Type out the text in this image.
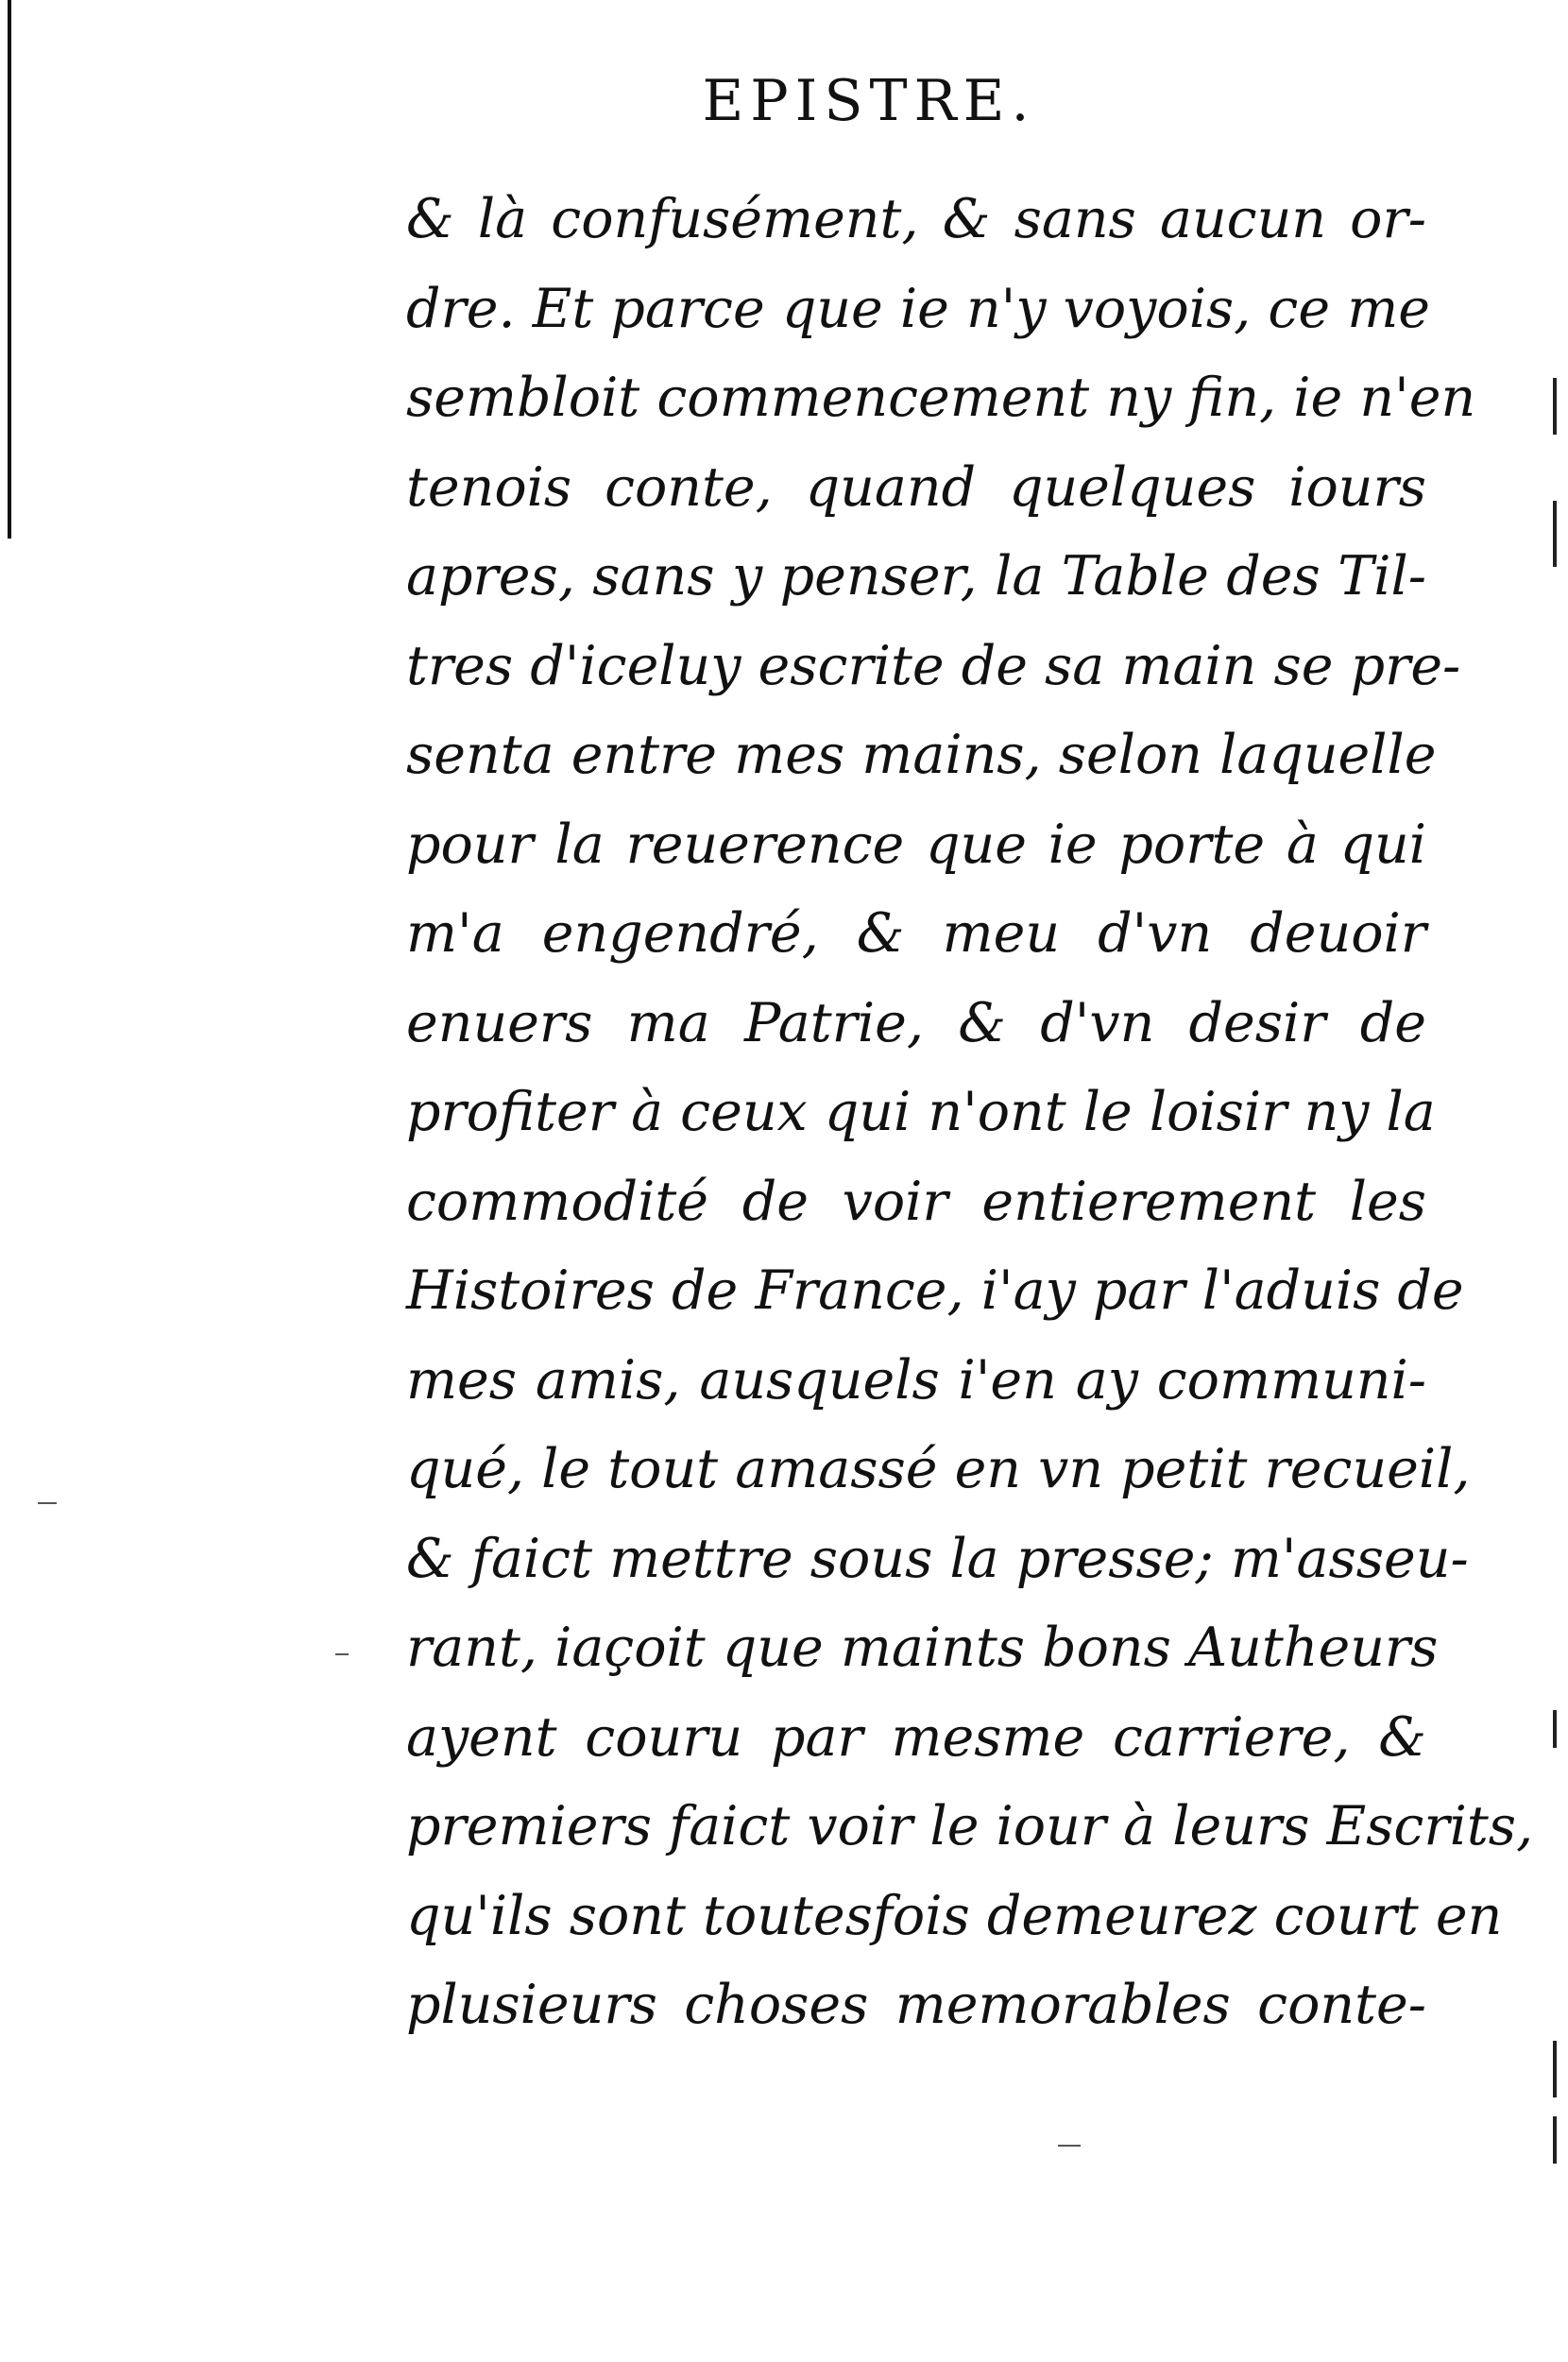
EPISTRE.
& là confusément, & sans aucun or-
dre. Et parce que ie n'y voyois, ce me
sembloit commencement ny fin, ie n'en
tenois conte, quand quelques iours
apres, sans y penser, la Table des Til-
tres d'iceluy escrite de sa main se pre-
senta entre mes mains, selon laquelle
pour la reuerence que ie porte à qui
m'a engendré, & meu d'vn deuoir
enuers ma Patrie, & d'vn desir de
profiter à ceux qui n'ont le loisir ny la
commodité de voir entierement les
Histoires de France, i'ay par l'aduis de
mes amis, ausquels i'en ay communi-
qué, le tout amassé en vn petit recueil,
& faict mettre sous la presse; m'asseu-
rant, iaçoit que maints bons Autheurs
ayent couru par mesme carriere, &
premiers faict voir le iour à leurs Escrits,
qu'ils sont toutesfois demeurez court en
plusieurs choses memorables conte-
